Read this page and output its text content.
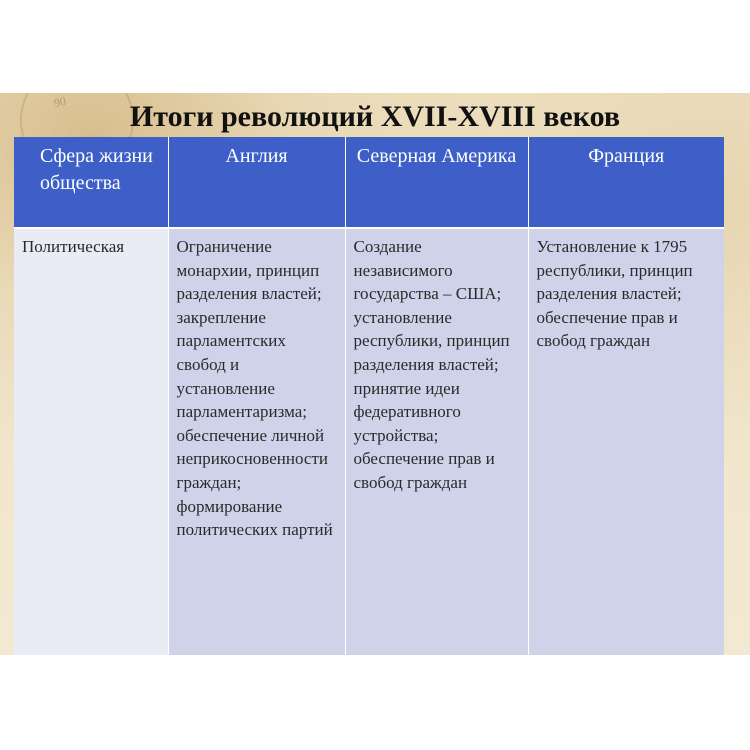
90	Итоги революций XVII-XVIII веков
Сфера жизни общества	Англия	Северная Америка	Франция
Политическая	Ограничение монархии, принцип разделения властей; закрепление парламентских свобод и установление парламентаризма; обеспечение личной неприкосновенности граждан; формирование политических партий	Создание независимого государства – США; установление республики, принцип разделения властей; принятие идеи федеративного устройства; обеспечение прав и свобод граждан	Установление к 1795 республики, принцип разделения властей; обеспечение прав и свобод граждан
